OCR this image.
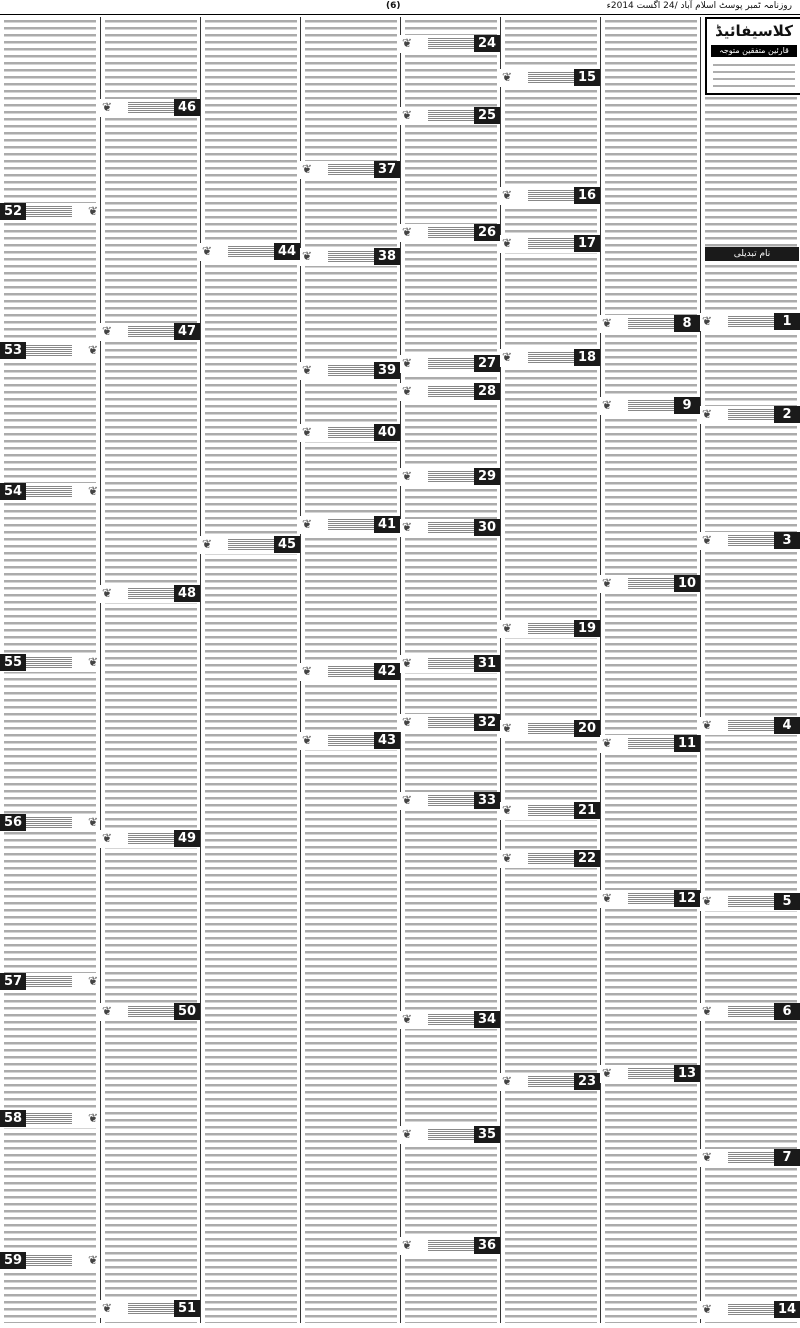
(6)	روزنامہ ٹمبر پوسٹ اسلام آباد /24 اگست 2014ء
کلاسیفائیڈ
قارئین متفقین متوجہ
نام تبدیلی
❦	1
❦	2
❦	3
❦	4
❦	5
❦	6
❦	7
❦	14
❦	8
❦	9
❦	10
❦	11
❦	12
❦	13
❦	15
❦	16
❦	17
❦	18
❦	19
❦	20
❦	21
❦	22
❦	23
❦	24
❦	25
❦	26
❦	27
❦	28
❦	29
❦	30
❦	31
❦	32
❦	33
❦	34
❦	35
❦	36
❦	37
❦	38
❦	39
❦	40
❦	41
❦	42
❦	43
❦	44
❦	45
❦	46
❦	47
❦	48
❦	49
❦	50
❦	51
❦
52
❦
53
❦
54
❦
55
❦
56
❦
57
❦
58
❦
59
